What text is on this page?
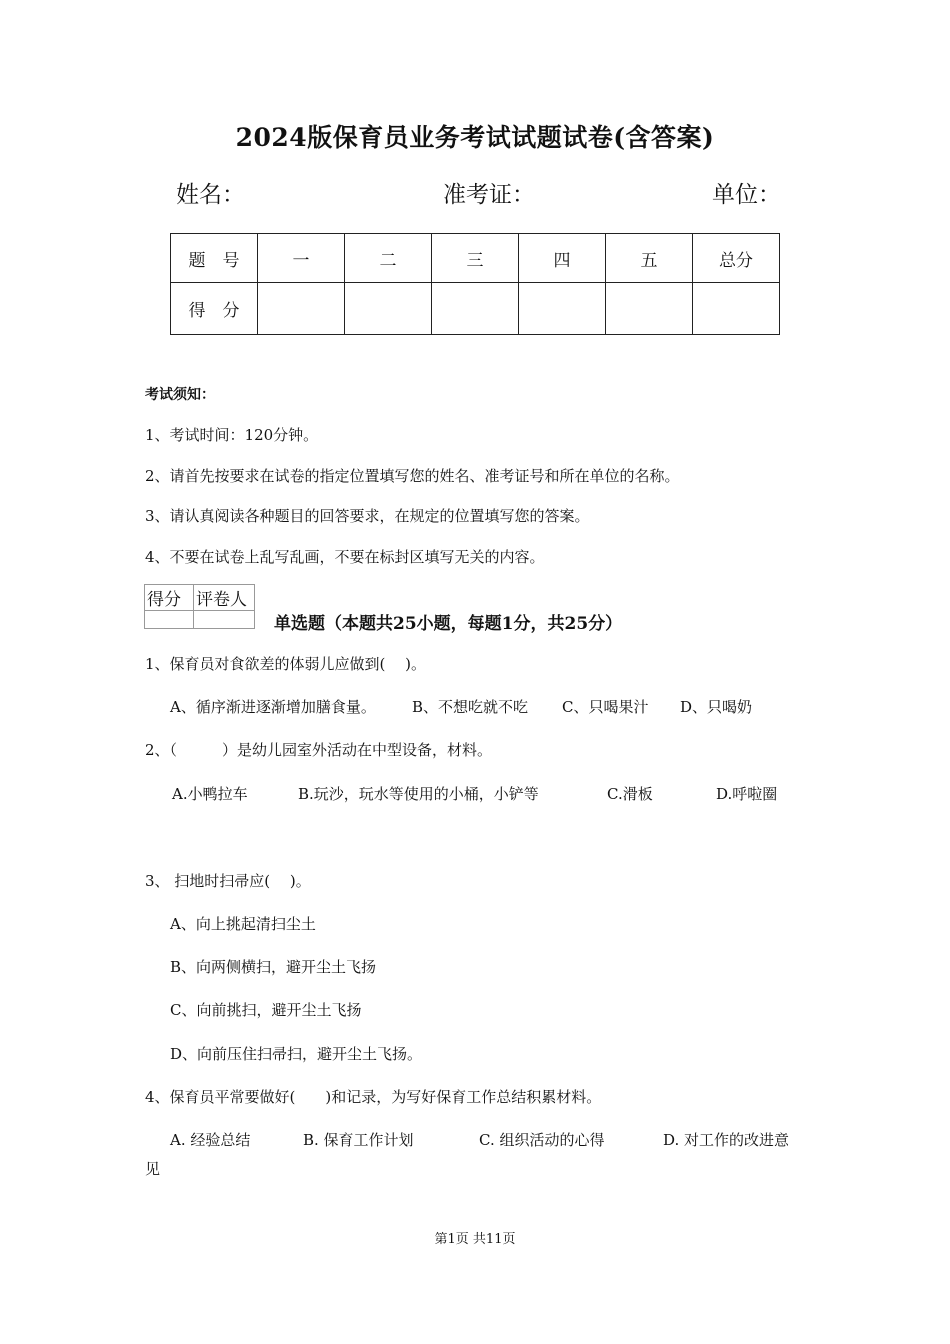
2024版保育员业务考试试题试卷(含答案)
姓名：	准考证：	单位：
题　号	一	二	三	四	五	总分
得　分						
考试须知：
1、考试时间：120分钟。
2、请首先按要求在试卷的指定位置填写您的姓名、准考证号和所在单位的名称。
3、请认真阅读各种题目的回答要求，在规定的位置填写您的答案。
4、不要在试卷上乱写乱画，不要在标封区填写无关的内容。
得分	评卷人

单选题（本题共25小题，每题1分，共25分）
1、保育员对食欲差的体弱儿应做到(　 )。
A、循序渐进逐渐增加膳食量。 B、不想吃就不吃 C、只喝果汁 D、只喝奶
2、（　　　）是幼儿园室外活动在中型设备，材料。
A.小鸭拉车	B.玩沙，玩水等使用的小桶，小铲等	C.滑板	D.呼啦圈
3、 扫地时扫帚应(　 )。
A、向上挑起清扫尘土
B、向两侧横扫，避开尘土飞扬
C、向前挑扫，避开尘土飞扬
D、向前压住扫帚扫，避开尘土飞扬。
4、保育员平常要做好(　　)和记录，为写好保育工作总结积累材料。
A. 经验总结	B. 保育工作计划	C. 组织活动的心得	D. 对工作的改进意
见
第1页 共11页
